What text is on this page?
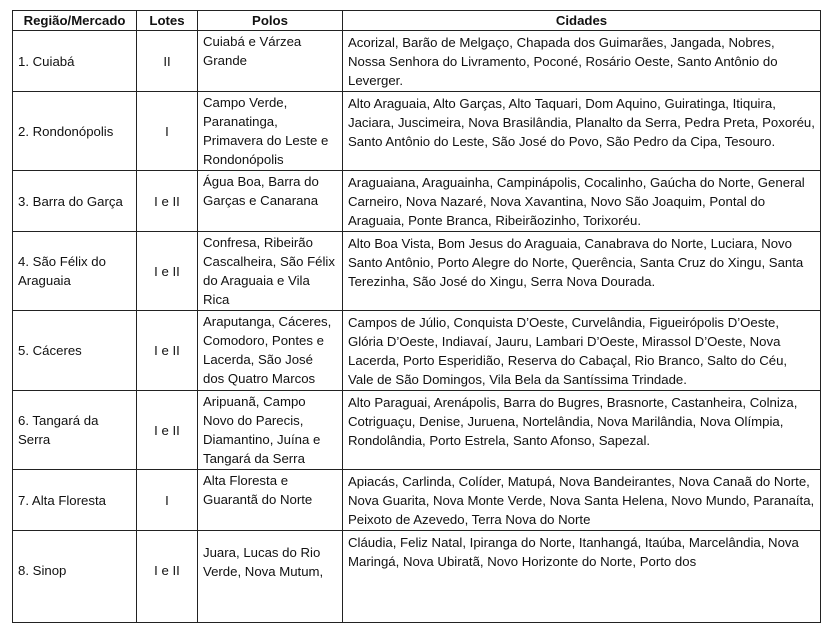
Região/Mercado	Lotes	Polos	Cidades
1. Cuiabá	II	Cuiabá e Várzea Grande	Acorizal, Barão de Melgaço, Chapada dos Guimarães, Jangada, Nobres, Nossa Senhora do Livramento, Poconé, Rosário Oeste, Santo Antônio do Leverger.
2. Rondonópolis	I	Campo Verde, Paranatinga, Primavera do Leste e Rondonópolis	Alto Araguaia, Alto Garças, Alto Taquari, Dom Aquino, Guiratinga, Itiquira, Jaciara, Juscimeira, Nova Brasilândia, Planalto da Serra, Pedra Preta, Poxoréu, Santo Antônio do Leste, São José do Povo, São Pedro da Cipa, Tesouro.
3. Barra do Garça	I e II	Água Boa, Barra do Garças e Canarana	Araguaiana, Araguainha, Campinápolis, Cocalinho, Gaúcha do Norte, General Carneiro, Nova Nazaré, Nova Xavantina, Novo São Joaquim, Pontal do Araguaia, Ponte Branca, Ribeirãozinho, Torixoréu.
4. São Félix do Araguaia	I e II	Confresa, Ribeirão Cascalheira, São Félix do Araguaia e Vila Rica	Alto Boa Vista, Bom Jesus do Araguaia, Canabrava do Norte, Luciara, Novo Santo Antônio, Porto Alegre do Norte, Querência, Santa Cruz do Xingu, Santa Terezinha, São José do Xingu, Serra Nova Dourada.
5. Cáceres	I e II	Araputanga, Cáceres, Comodoro, Pontes e Lacerda, São José dos Quatro Marcos	Campos de Júlio, Conquista D’Oeste, Curvelândia, Figueirópolis D’Oeste, Glória D’Oeste, Indiavaí, Jauru, Lambari D’Oeste, Mirassol D’Oeste, Nova Lacerda, Porto Esperidião, Reserva do Cabaçal, Rio Branco, Salto do Céu, Vale de São Domingos, Vila Bela da Santíssima Trindade.
6. Tangará da Serra	I e II	Aripuanã, Campo Novo do Parecis, Diamantino, Juína e Tangará da Serra	Alto Paraguai, Arenápolis, Barra do Bugres, Brasnorte, Castanheira, Colniza, Cotriguaçu, Denise, Juruena, Nortelândia, Nova Marilândia, Nova Olímpia, Rondolândia, Porto Estrela, Santo Afonso, Sapezal.
7. Alta Floresta	I	Alta Floresta e Guarantã do Norte	Apiacás, Carlinda, Colíder, Matupá, Nova Bandeirantes, Nova Canaã do Norte, Nova Guarita, Nova Monte Verde, Nova Santa Helena, Novo Mundo, Paranaíta, Peixoto de Azevedo, Terra Nova do Norte
8. Sinop	I e II	Juara, Lucas do Rio Verde, Nova Mutum,	Cláudia, Feliz Natal, Ipiranga do Norte, Itanhangá, Itaúba, Marcelândia, Nova Maringá, Nova Ubiratã, Novo Horizonte do Norte, Porto dos
